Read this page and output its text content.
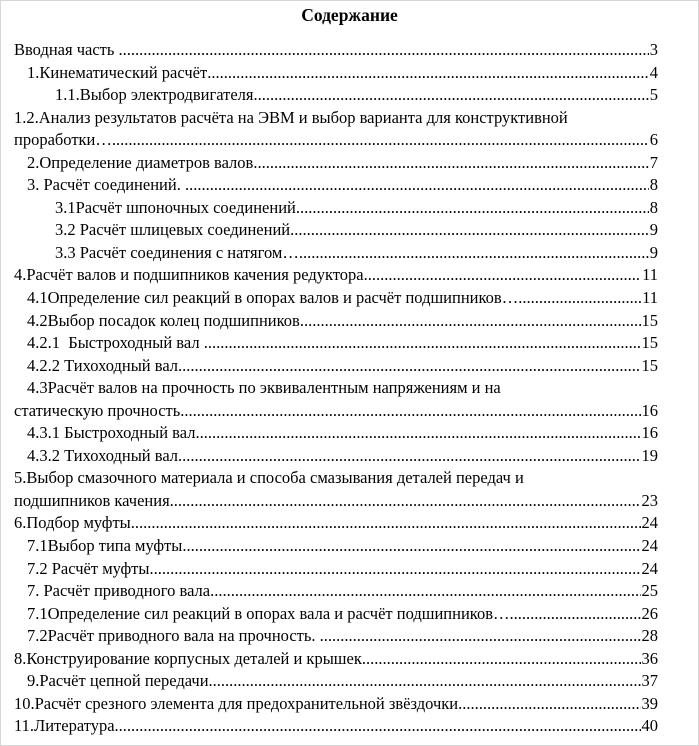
Содержание
Вводная часть .....	3
1.Кинематический расчёт .....	4
1.1.Выбор электродвигателя .....	5
1.2.Анализ результатов расчёта на ЭВМ и выбор варианта для конструктивной
проработки… .....	6
2.Определение диаметров валов .....	7
3. Расчёт соединений. .....	8
3.1Расчёт шпоночных соединений .....	8
3.2 Расчёт шлицевых соединений .....	9
3.3 Расчёт соединения с натягом… .....	9
4.Расчёт валов и подшипников качения редуктора .....	11
4.1Определение сил реакций в опорах валов и расчёт подшипников… .....	11
4.2Выбор посадок колец подшипников .....	15
4.2.1  Быстроходный вал .....	15
4.2.2 Тихоходный вал .....	15
4.3Расчёт валов на прочность по эквивалентным напряжениям и на
статическую прочность .....	16
4.3.1 Быстроходный вал .....	16
4.3.2 Тихоходный вал .....	19
5.Выбор смазочного материала и способа смазывания деталей передач и
подшипников качения .....	23
6.Подбор муфты .....	24
7.1Выбор типа муфты .....	24
7.2 Расчёт муфты .....	24
7. Расчёт приводного вала .....	25
7.1Определение сил реакций в опорах вала и расчёт подшипников… .....	26
7.2Расчёт приводного вала на прочность. .....	28
8.Конструирование корпусных деталей и крышек .....	36
9.Расчёт цепной передачи .....	37
10.Расчёт срезного элемента для предохранительной звёздочки .....	39
11.Литература .....	40
